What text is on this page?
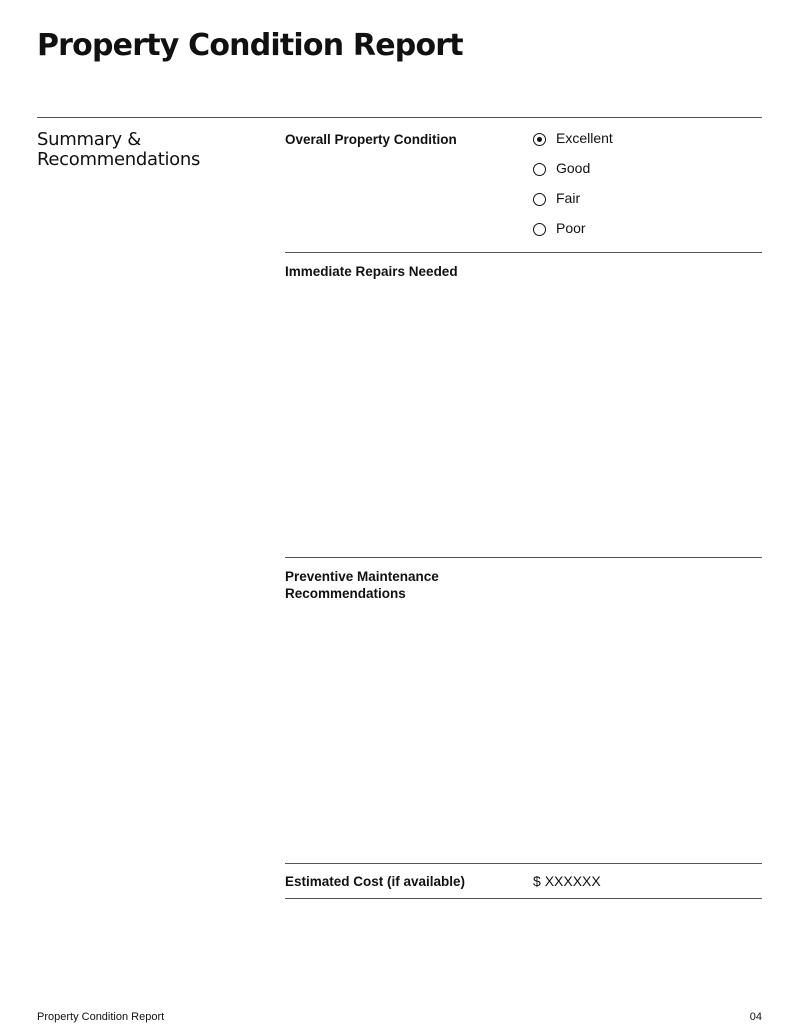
Property Condition Report
Summary & Recommendations
Overall Property Condition	Excellent
Good
Fair
Poor
Immediate Repairs Needed
Preventive Maintenance Recommendations
Estimated Cost (if available)	$ XXXXXX
Property Condition Report	04
